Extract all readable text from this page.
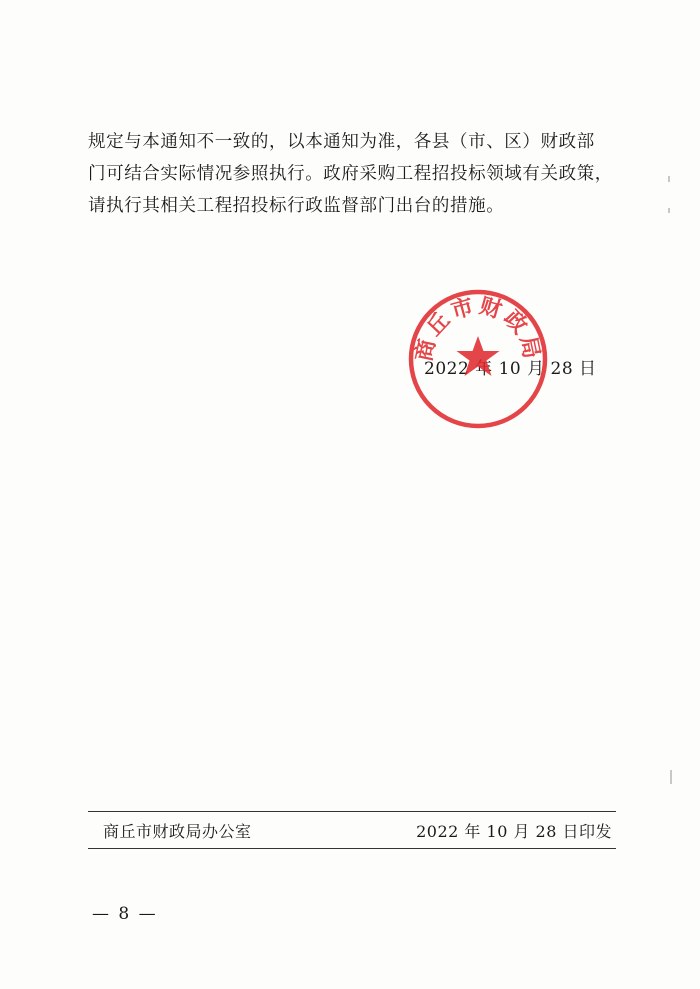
规定与本通知不一致的，以本通知为准，各县（市、区）财政部
门可结合实际情况参照执行。政府采购工程招投标领域有关政策，
请执行其相关工程招投标行政监督部门出台的措施。
2022 年 10 月 28 日
商丘市财政局
商丘市财政局办公室	2022 年 10 月 28 日印发
— 8 —
